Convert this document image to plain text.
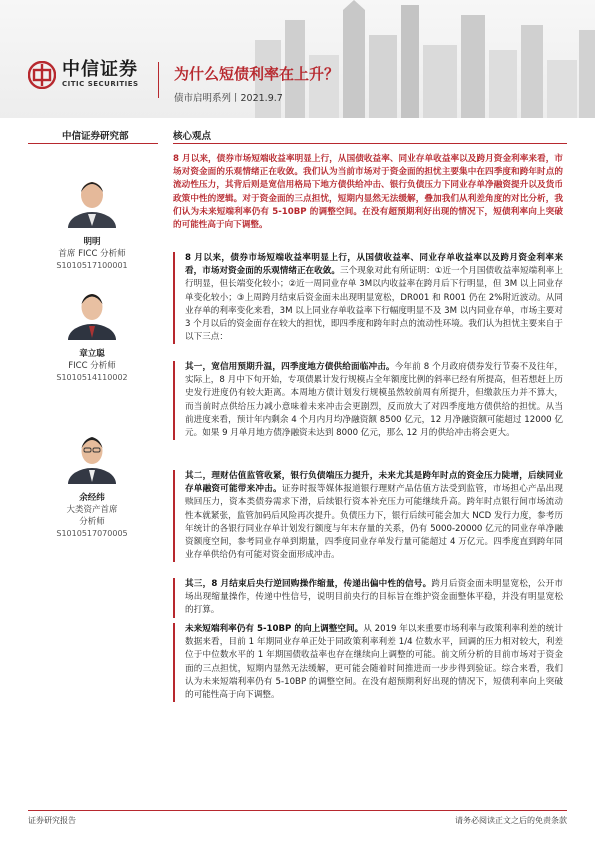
中信证券
CITIC SECURITIES
为什么短债利率在上升？
债市启明系列丨2021.9.7
中信证券研究部	核心观点
明明
首席 FICC 分析师
S1010517100001
章立聪
FICC 分析师
S1010514110002
余经纬
大类资产首席
分析师
S1010517070005
8 月以来，债券市场短端收益率明显上行，从国债收益率、同业存单收益率以及跨月资金利率来看，市场对资金面的乐观情绪正在收敛。我们认为当前市场对于资金面的担忧主要集中在四季度和跨年时点的流动性压力，其背后则是宽信用格局下地方债供给冲击、银行负债压力下同业存单净融资提升以及货币政策中性的逻辑。对于资金面的三点担忧，短期内显然无法缓解，叠加我们从利差角度的对比分析，我们认为未来短端利率仍有 5-10BP 的调整空间。在没有超预期利好出现的情况下，短债利率向上突破的可能性高于向下调整。
8 月以来，债券市场短端收益率明显上行，从国债收益率、同业存单收益率以及跨月资金利率来看，市场对资金面的乐观情绪正在收敛。三个现象对此有所证明：①近一个月国债收益率短端利率上行明显，但长端变化较小；②近一周同业存单 3M以内收益率在跨月后下行明显，但 3M 以上同业存单变化较小；③上周跨月结束后资金面未出现明显宽松，DR001 和 R001 仍在 2%附近波动。从同业存单的利率变化来看，3M 以上同业存单收益率下行幅度明显不及 3M 以内同业存单，市场主要对 3 个月以后的资金面存在较大的担忧，即四季度和跨年时点的流动性环境。我们认为担忧主要来自于以下三点：
其一，宽信用预期升温，四季度地方债供给面临冲击。今年前 8 个月政府债券发行节奏不及往年，实际上，8 月中下旬开始，专项债累计发行规模占全年额度比例的斜率已经有所提高，但若想赶上历史发行进度仍有较大距离。本周地方债计划发行规模虽然较前周有所提升，但缴款压力并不算大，而当前时点供给压力减小意味着未来冲击会更剧烈，反而放大了对四季度地方债供给的担忧。从当前进度来看，预计年内剩余 4 个月内月均净融资额 8500 亿元，12 月净融资额可能超过 12000 亿元。如果 9 月单月地方债净融资未达到 8000 亿元，那么 12 月的供给冲击将会更大。
其二，理财估值监管收紧，银行负债端压力提升，未来尤其是跨年时点的资金压力陡增，后续同业存单融资可能带来冲击。证券时报等媒体报道银行理财产品估值方法受到监管，市场担心产品出现赎回压力，资本类债券需求下滑，后续银行资本补充压力可能继续升高。跨年时点银行间市场流动性本就紧张，监管加码后风险再次提升。负债压力下，银行后续可能会加大 NCD 发行力度，参考历年统计的各银行同业存单计划发行额度与年末存量的关系，仍有 5000-20000 亿元的同业存单净融资额度空间，参考同业存单到期量，四季度同业存单发行量可能超过 4 万亿元。四季度直到跨年同业存单供给仍有可能对资金面形成冲击。
其三，8 月结束后央行逆回购操作缩量，传递出偏中性的信号。跨月后资金面未明显宽松，公开市场出现缩量操作，传递中性信号，说明目前央行的目标旨在维护资金面整体平稳，并没有明显宽松的打算。
未来短端利率仍有 5-10BP 的向上调整空间。从 2019 年以来重要市场利率与政策利率利差的统计数据来看，目前 1 年期同业存单正处于同政策利率利差 1/4 位数水平，回调的压力相对较大，利差位于中位数水平的 1 年期国债收益率也存在继续向上调整的可能。前文所分析的目前市场对于资金面的三点担忧，短期内显然无法缓解，更可能会随着时间推进而一步步得到验证。综合来看，我们认为未来短端利率仍有 5-10BP 的调整空间。在没有超预期利好出现的情况下，短债利率向上突破的可能性高于向下调整。
证券研究报告	请务必阅读正文之后的免责条款
